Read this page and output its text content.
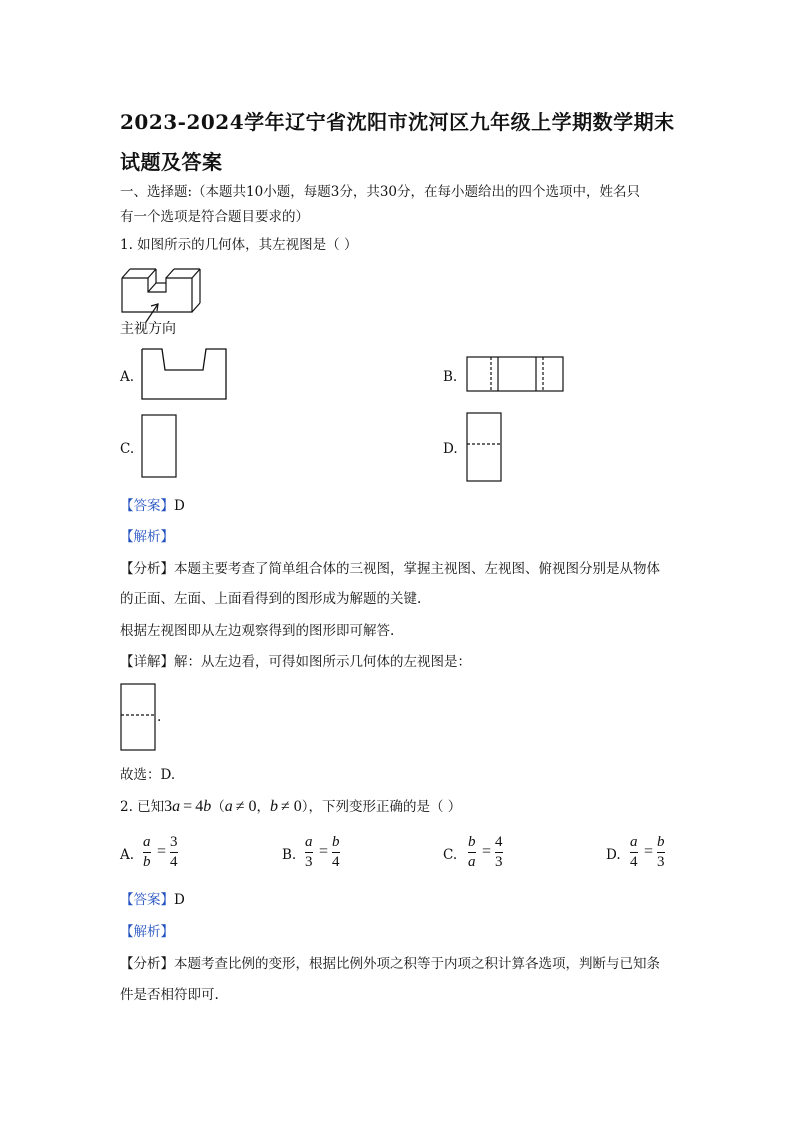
2023-2024学年辽宁省沈阳市沈河区九年级上学期数学期末
试题及答案
一、选择题:（本题共10小题，每题3分，共30分，在每小题给出的四个选项中，姓名只
有一个选项是符合题目要求的）
1. 如图所示的几何体，其左视图是（ ）
主视方向
A.	B.
C.	D.
【答案】D
【解析】
【分析】本题主要考查了简单组合体的三视图，掌握主视图、左视图、俯视图分别是从物体
的正面、左面、上面看得到的图形成为解题的关键.
根据左视图即从左边观察得到的图形即可解答.
【详解】解：从左边看，可得如图所示几何体的左视图是：
.
故选：D.
2. 已知3a = 4b（a ≠ 0，b ≠ 0），下列变形正确的是（ ）
A.
a
b
=
3
4	B.
a
3
=
b
4	C.
b
a
=
4
3	D.
a
4
=
b
3
【答案】D
【解析】
【分析】本题考查比例的变形，根据比例外项之积等于内项之积计算各选项，判断与已知条
件是否相符即可.
